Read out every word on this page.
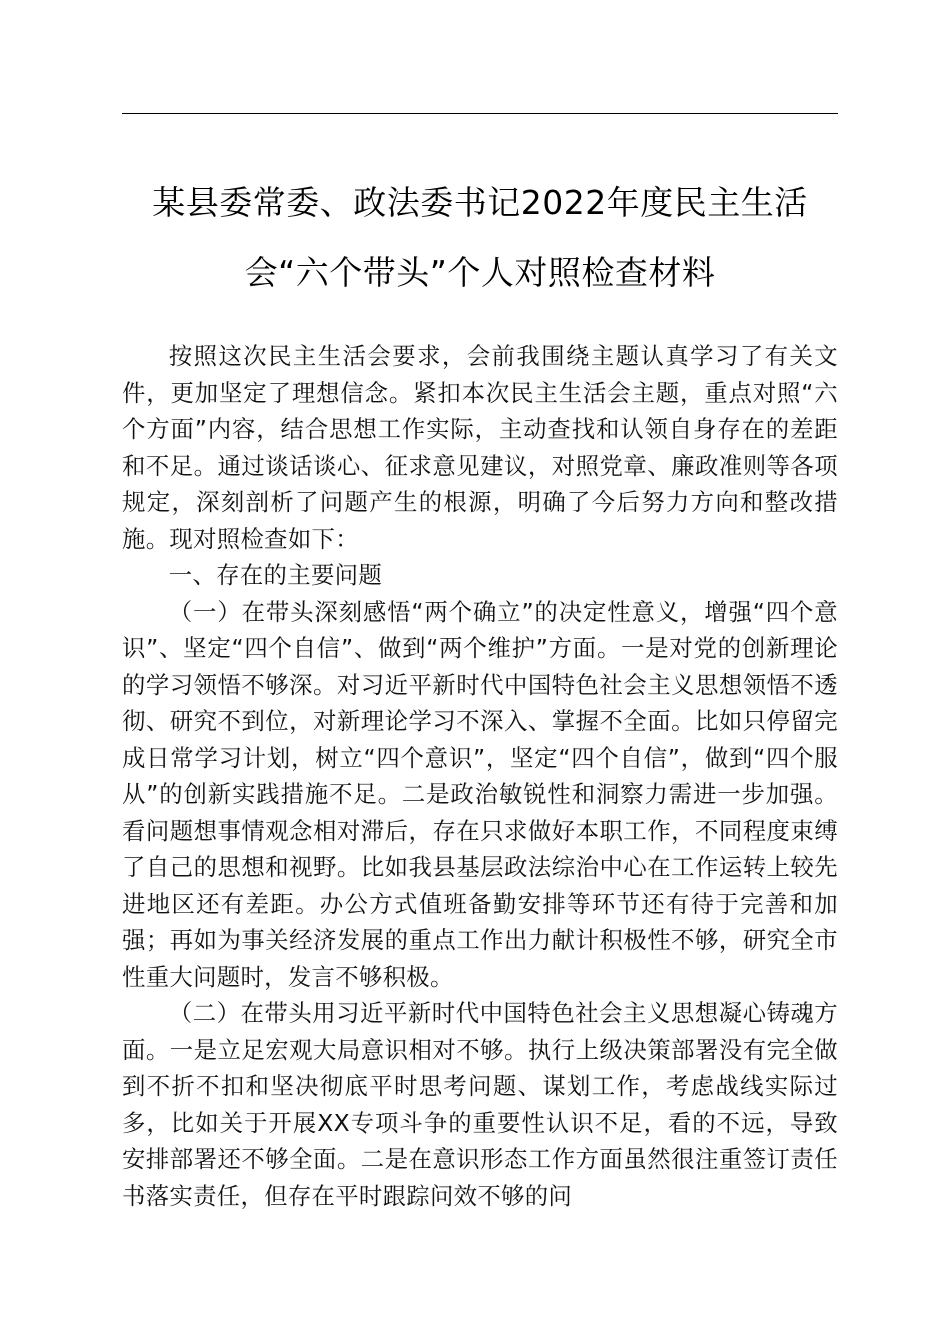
某县委常委、政法委书记2022年度民主生活
会“六个带头”个人对照检查材料

按照这次民主生活会要求，会前我围绕主题认真学习了有关文件，更加坚定了理想信念。紧扣本次民主生活会主题，重点对照“六个方面”内容，结合思想工作实际，主动查找和认领自身存在的差距和不足。通过谈话谈心、征求意见建议，对照党章、廉政准则等各项规定，深刻剖析了问题产生的根源，明确了今后努力方向和整改措施。现对照检查如下：

一、存在的主要问题

（一）在带头深刻感悟“两个确立”的决定性意义，增强“四个意识”、坚定“四个自信”、做到“两个维护”方面。一是对党的创新理论的学习领悟不够深。对习近平新时代中国特色社会主义思想领悟不透彻、研究不到位，对新理论学习不深入、掌握不全面。比如只停留完成日常学习计划，树立“四个意识”，坚定“四个自信”，做到“四个服从”的创新实践措施不足。二是政治敏锐性和洞察力需进一步加强。看问题想事情观念相对滞后，存在只求做好本职工作，不同程度束缚了自己的思想和视野。比如我县基层政法综治中心在工作运转上较先进地区还有差距。办公方式值班备勤安排等环节还有待于完善和加强；再如为事关经济发展的重点工作出力献计积极性不够，研究全市性重大问题时，发言不够积极。

（二）在带头用习近平新时代中国特色社会主义思想凝心铸魂方面。一是立足宏观大局意识相对不够。执行上级决策部署没有完全做到不折不扣和坚决彻底平时思考问题、谋划工作，考虑战线实际过多，比如关于开展XX专项斗争的重要性认识不足，看的不远，导致安排部署还不够全面。二是在意识形态工作方面虽然很注重签订责任书落实责任，但存在平时跟踪问效不够的问
